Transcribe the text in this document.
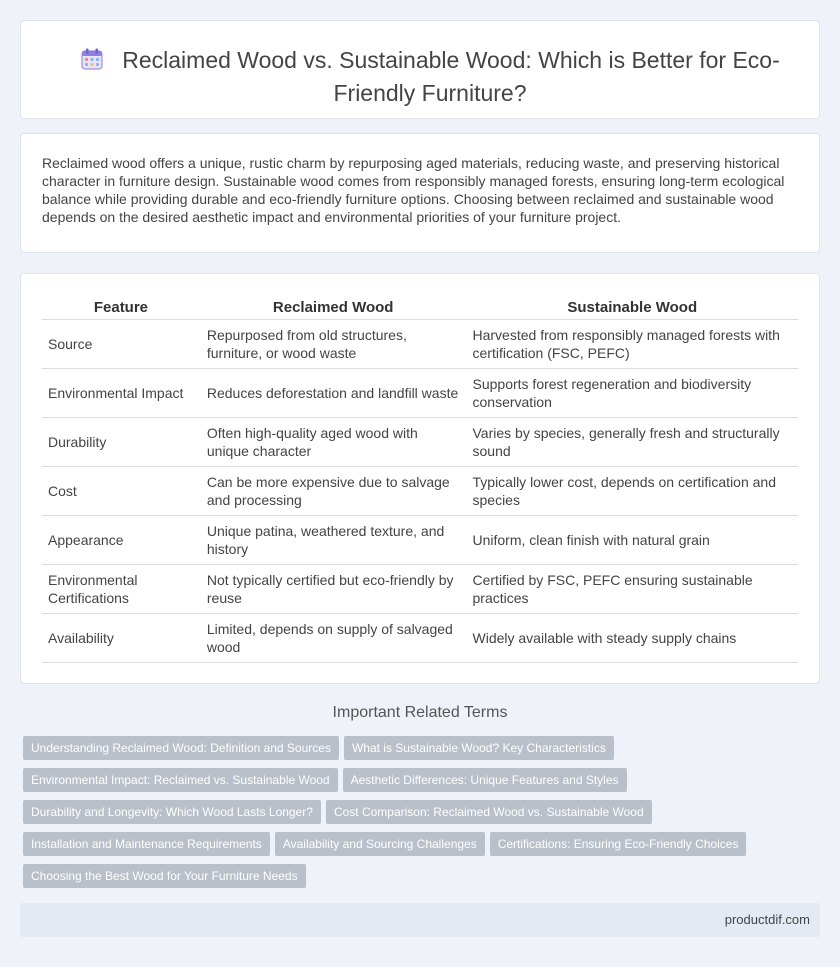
Reclaimed Wood vs. Sustainable Wood: Which is Better for Eco-Friendly Furniture?
Reclaimed wood offers a unique, rustic charm by repurposing aged materials, reducing waste, and preserving historical character in furniture design. Sustainable wood comes from responsibly managed forests, ensuring long-term ecological balance while providing durable and eco-friendly furniture options. Choosing between reclaimed and sustainable wood depends on the desired aesthetic impact and environmental priorities of your furniture project.
Feature	Reclaimed Wood	Sustainable Wood
Source	Repurposed from old structures, furniture, or wood waste	Harvested from responsibly managed forests with certification (FSC, PEFC)
Environmental Impact	Reduces deforestation and landfill waste	Supports forest regeneration and biodiversity conservation
Durability	Often high-quality aged wood with unique character	Varies by species, generally fresh and structurally sound
Cost	Can be more expensive due to salvage and processing	Typically lower cost, depends on certification and species
Appearance	Unique patina, weathered texture, and history	Uniform, clean finish with natural grain
Environmental Certifications	Not typically certified but eco-friendly by reuse	Certified by FSC, PEFC ensuring sustainable practices
Availability	Limited, depends on supply of salvaged wood	Widely available with steady supply chains
Important Related Terms
Understanding Reclaimed Wood: Definition and Sources What is Sustainable Wood? Key Characteristics
Environmental Impact: Reclaimed vs. Sustainable Wood Aesthetic Differences: Unique Features and Styles
Durability and Longevity: Which Wood Lasts Longer? Cost Comparison: Reclaimed Wood vs. Sustainable Wood
Installation and Maintenance Requirements Availability and Sourcing Challenges Certifications: Ensuring Eco-Friendly Choices
Choosing the Best Wood for Your Furniture Needs
productdif.com
